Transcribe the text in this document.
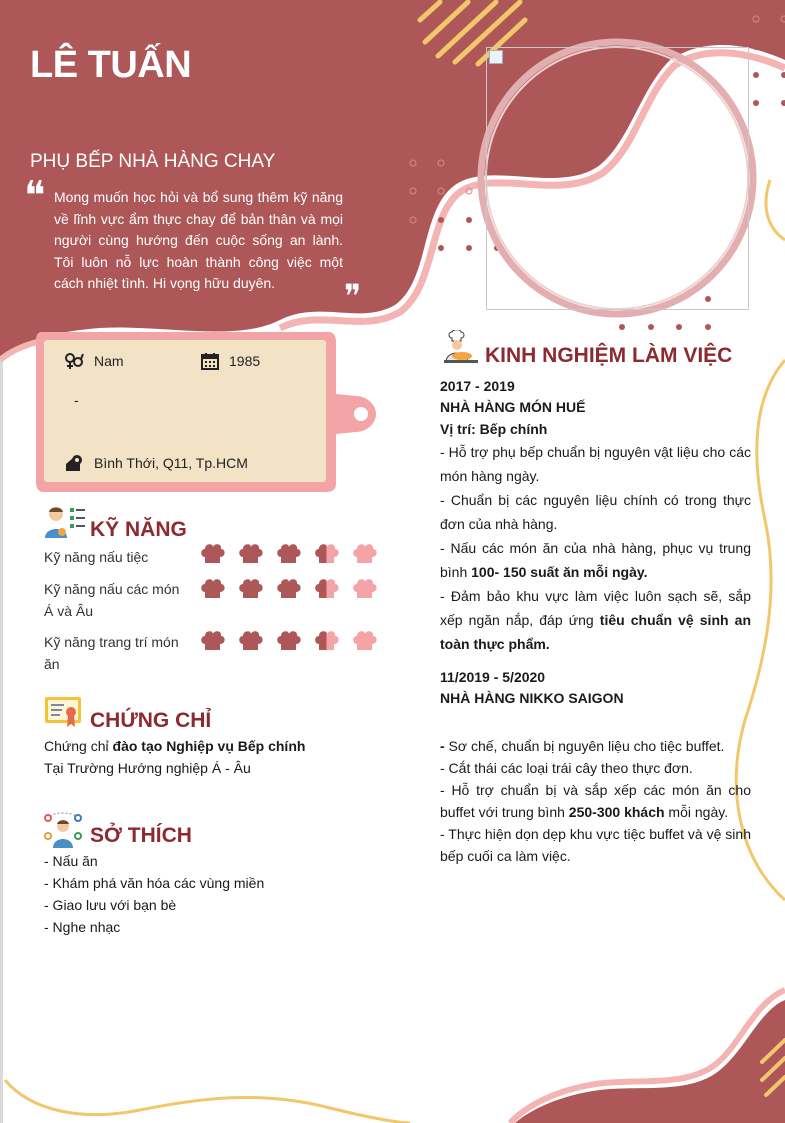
LÊ TUẤN
PHỤ BẾP NHÀ HÀNG CHAY
❝ Mong muốn học hỏi và bổ sung thêm kỹ năng về lĩnh vực ẩm thực chay để bản thân và mọi người cùng hướng đến cuộc sống an lành. Tôi luôn nỗ lực hoàn thành công việc một cách nhiệt tình. Hi vọng hữu duyên.	❞
Nam	1985
-
Bình Thới, Q11, Tp.HCM
KỸ NĂNG
Kỹ năng nấu tiệc
Kỹ năng nấu các món Á và Âu
Kỹ năng trang trí món ăn
CHỨNG CHỈ
Chứng chỉ đào tạo Nghiệp vụ Bếp chính
Tại Trường Hướng nghiệp Á - Âu
SỞ THÍCH
- Nấu ăn
- Khám phá văn hóa các vùng miền
- Giao lưu với bạn bè
- Nghe nhạc
KINH NGHIỆM LÀM VIỆC
2017 - 2019
NHÀ HÀNG MÓN HUẾ
Vị trí: Bếp chính

- Hỗ trợ phụ bếp chuẩn bị nguyên vật liệu cho các món hàng ngày.

- Chuẩn bị các nguyên liệu chính có trong thực đơn của nhà hàng.

- Nấu các món ăn của nhà hàng, phục vụ trung bình 100- 150 suất ăn mỗi ngày.

- Đảm bảo khu vực làm việc luôn sạch sẽ, sắp xếp ngăn nắp, đáp ứng tiêu chuẩn vệ sinh an toàn thực phẩm.

11/2019 - 5/2020
NHÀ HÀNG NIKKO SAIGON

- Sơ chế, chuẩn bị nguyên liệu cho tiệc buffet.

- Cắt thái các loại trái cây theo thực đơn.

- Hỗ trợ chuẩn bị và sắp xếp các món ăn cho buffet với trung bình 250-300 khách mỗi ngày.

- Thực hiện dọn dẹp khu vực tiệc buffet và vệ sinh bếp cuối ca làm việc.
